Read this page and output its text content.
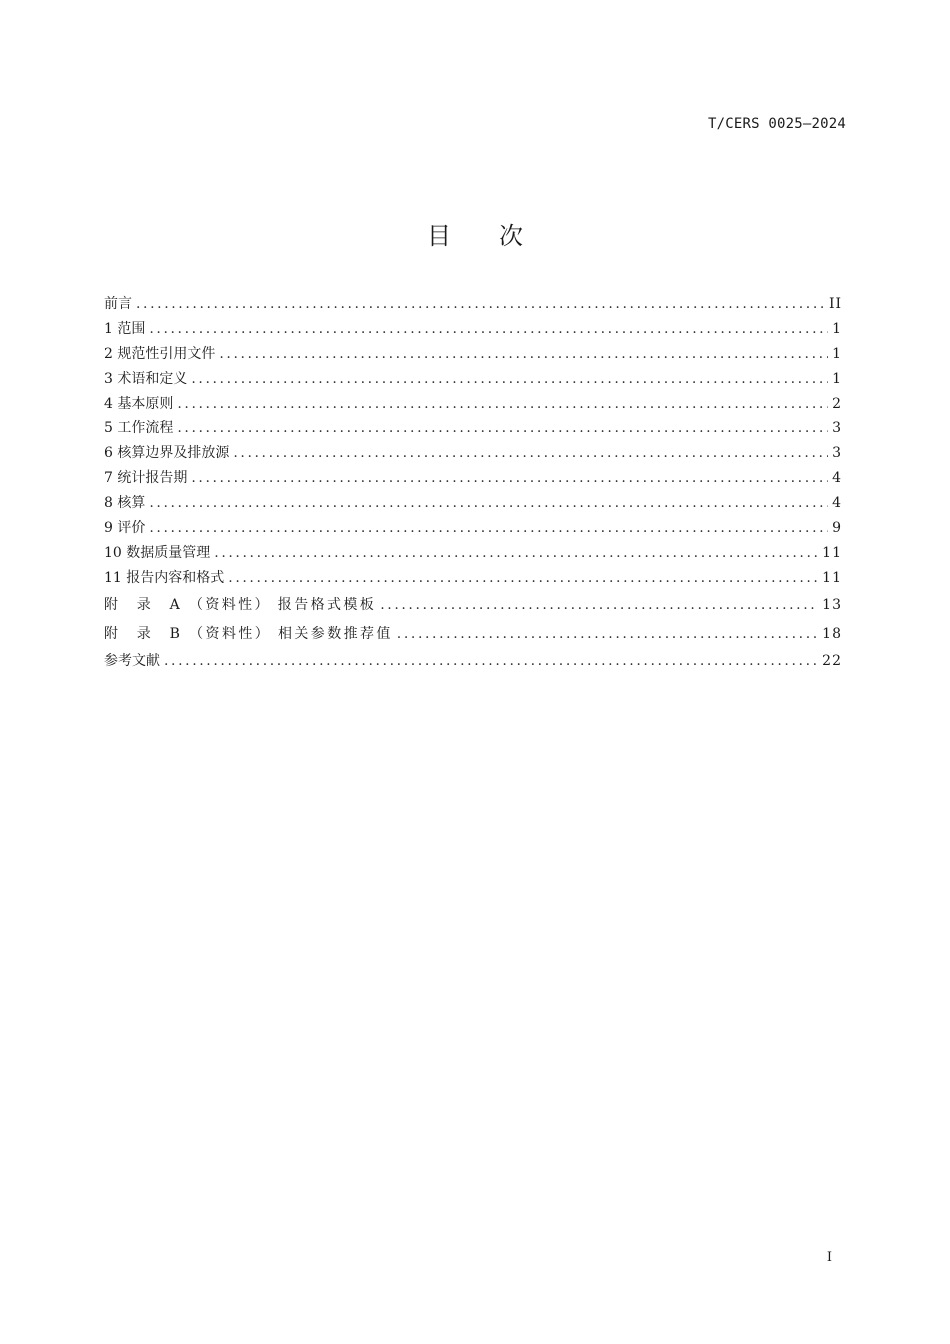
T/CERS 0025—2024
目 次
前言 .....	II
1 范围 .....	1
2 规范性引用文件 .....	1
3 术语和定义 .....	1
4 基本原则 .....	2
5 工作流程 .....	3
6 核算边界及排放源 .....	3
7 统计报告期 .....	4
8 核算 .....	4
9 评价 .....	9
10 数据质量管理 .....	11
11 报告内容和格式 .....	11
附　录　A （资料性） 报告格式模板 .....	13
附　录　B （资料性） 相关参数推荐值 .....	18
参考文献 .....	22
I
